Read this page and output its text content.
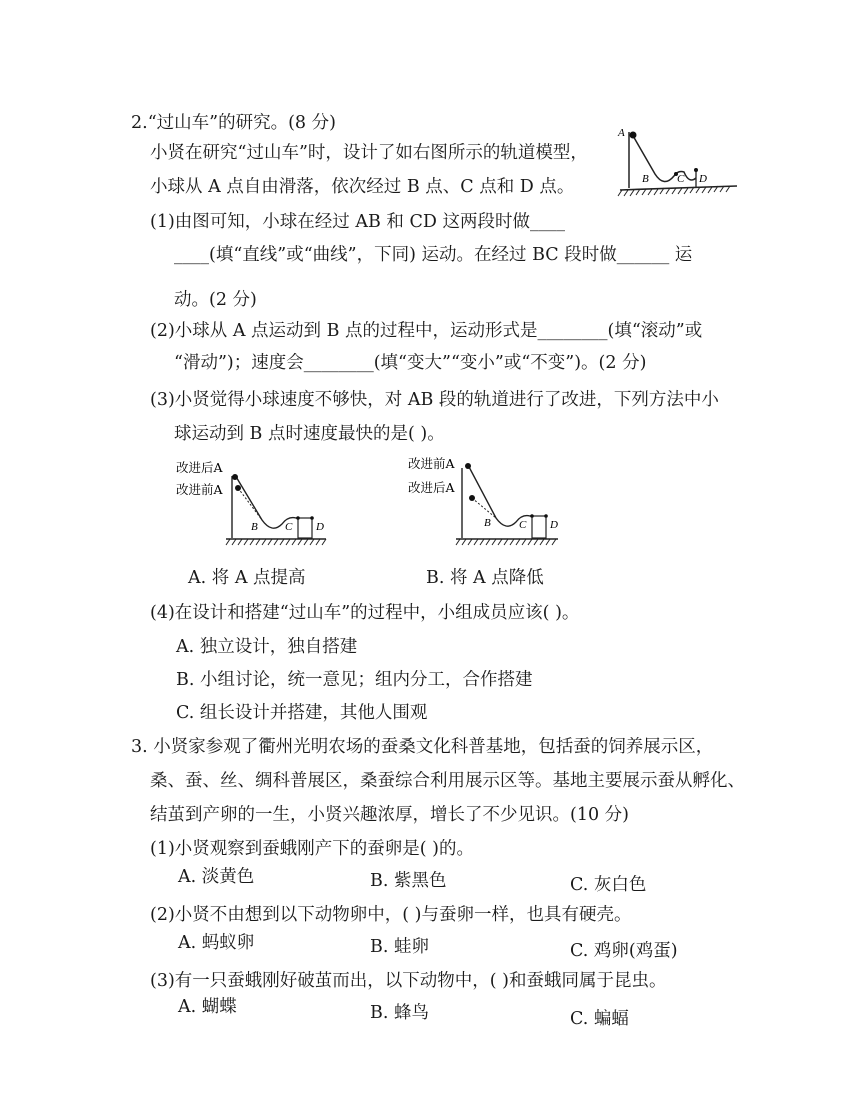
2.“过山车”的研究。(8 分)
小贤在研究“过山车”时，设计了如右图所示的轨道模型，
小球从 A 点自由滑落，依次经过 B 点、C 点和 D 点。
A
B	C D
(1)由图可知，小球在经过 AB 和 CD 这两段时做____
____(填“直线”或“曲线”，下同) 运动。在经过 BC 段时做______ 运
动。(2 分)
(2)小球从 A 点运动到 B 点的过程中，运动形式是________(填“滚动”或
“滑动”)；速度会________(填“变大”“变小”或“不变”)。(2 分)
(3)小贤觉得小球速度不够快，对 AB 段的轨道进行了改进，下列方法中小
球运动到 B 点时速度最快的是( )。
改进后A
改进前A
B C D
改进前A
改进后A
B	C D
A. 将 A 点提高	B. 将 A 点降低
(4)在设计和搭建“过山车”的过程中，小组成员应该( )。
A. 独立设计，独自搭建
B. 小组讨论，统一意见；组内分工，合作搭建
C. 组长设计并搭建，其他人围观
3. 小贤家参观了衢州光明农场的蚕桑文化科普基地，包括蚕的饲养展示区，
桑、蚕、丝、绸科普展区，桑蚕综合利用展示区等。基地主要展示蚕从孵化、
结茧到产卵的一生，小贤兴趣浓厚，增长了不少见识。(10 分)
(1)小贤观察到蚕蛾刚产下的蚕卵是( )的。
A. 淡黄色	B. 紫黑色	C. 灰白色
(2)小贤不由想到以下动物卵中，( )与蚕卵一样，也具有硬壳。
A. 蚂蚁卵	B. 蛙卵	C. 鸡卵(鸡蛋)
(3)有一只蚕蛾刚好破茧而出，以下动物中，( )和蚕蛾同属于昆虫。
A. 蝴蝶	B. 蜂鸟	C. 蝙蝠
